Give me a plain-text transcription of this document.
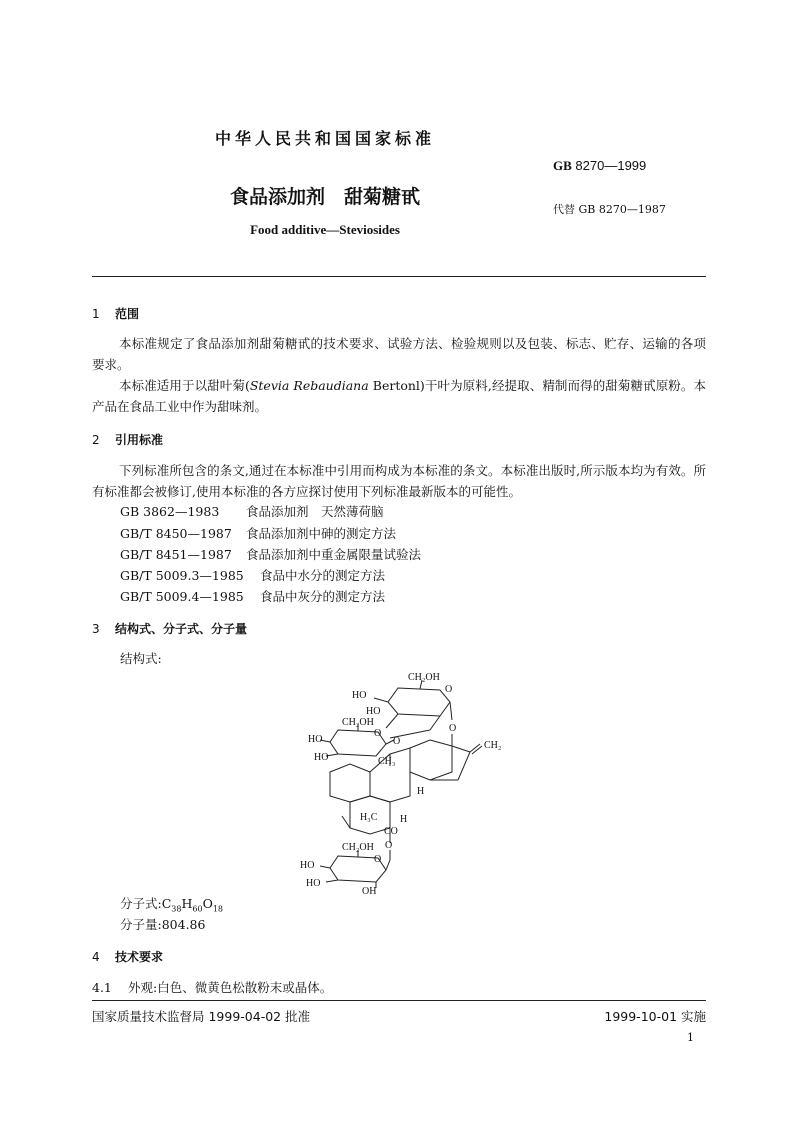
中华人民共和国国家标准
GB 8270—1999
食品添加剂　甜菊糖甙
代替 GB 8270—1987
Food additive—Steviosides
1 范围
本标准规定了食品添加剂甜菊糖甙的技术要求、试验方法、检验规则以及包装、标志、贮存、运输的各项要求。
本标准适用于以甜叶菊(Stevia Rebaudiana Bertonl)干叶为原料,经提取、精制而得的甜菊糖甙原粉。本产品在食品工业中作为甜味剂。
2 引用标准
下列标准所包含的条文,通过在本标准中引用而构成为本标准的条文。本标准出版时,所示版本均为有效。所有标准都会被修订,使用本标准的各方应探讨使用下列标准最新版本的可能性。
GB 3862—1983 食品添加剂　天然薄荷脑
GB/T 8450—1987 食品添加剂中砷的测定方法
GB/T 8451—1987 食品添加剂中重金属限量试验法
GB/T 5009.3—1985 食品中水分的测定方法
GB/T 5009.4—1985 食品中灰分的测定方法
3 结构式、分子式、分子量
结构式:
CH₂OH
HO
HO
O
O
CH₂OH
HO
HO
O
O	CH₂
CH₃
H
H₃C H
CO
O
CH₂OH
HO
HO
OH
O
分子式$:C_{38}H_{60}O_{18}$
分子量:804.86
4 技术要求
4.1 外观:白色、微黄色松散粉末或晶体。
国家质量技术监督局 1999-04-02 批准	1999-10-01 实施
1
